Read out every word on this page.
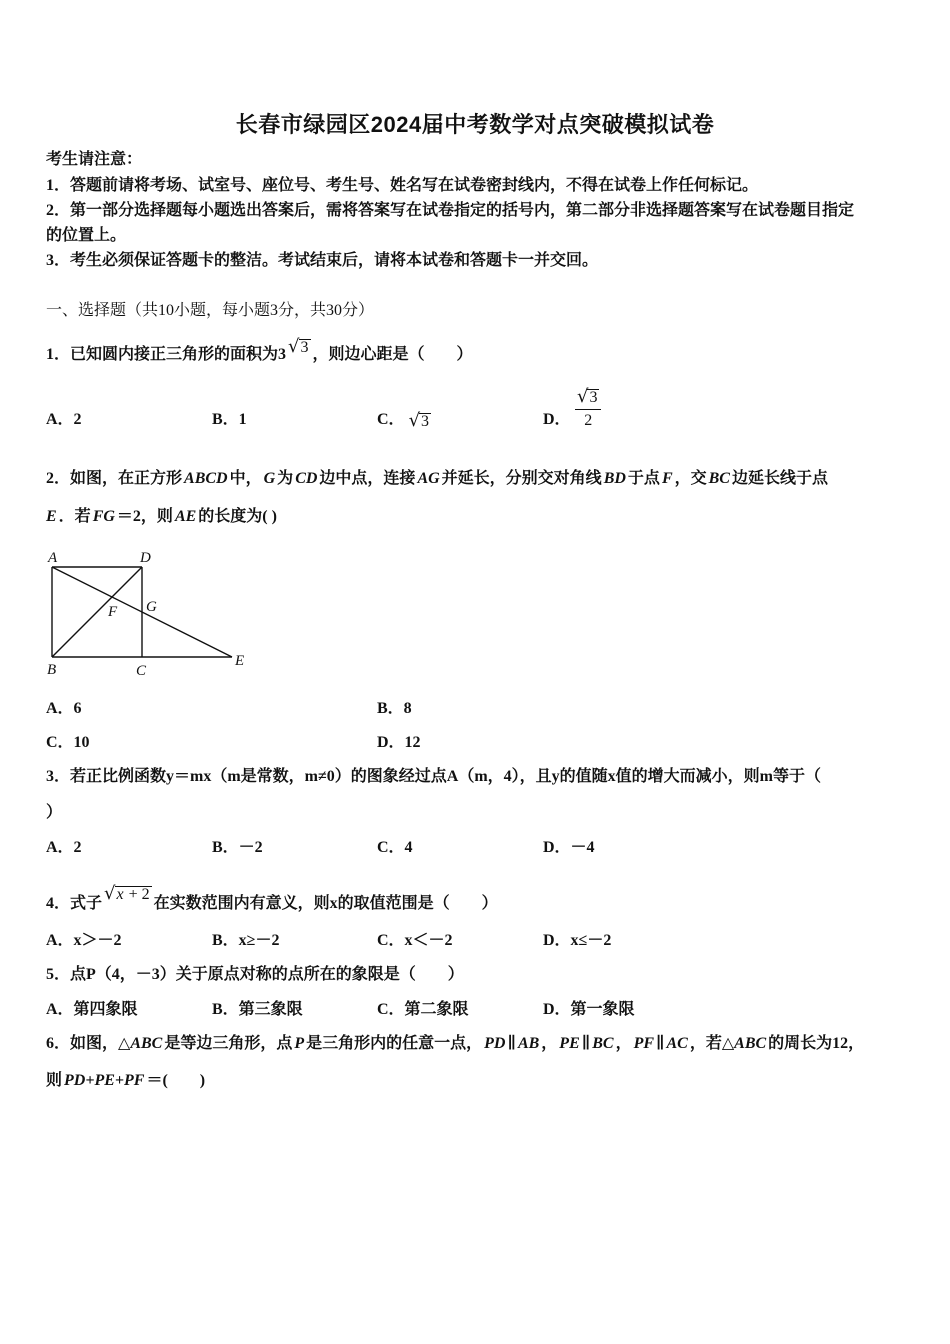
长春市绿园区2024届中考数学对点突破模拟试卷
考生请注意：
1．答题前请将考场、试室号、座位号、考生号、姓名写在试卷密封线内，不得在试卷上作任何标记。
2．第一部分选择题每小题选出答案后，需将答案写在试卷指定的括号内，第二部分非选择题答案写在试卷题目指定
的位置上。
3．考生必须保证答题卡的整洁。考试结束后，请将本试卷和答题卡一并交回。
一、选择题（共10小题，每小题3分，共30分）
1．已知圆内接正三角形的面积为3 √3 ，则边心距是（　　）
A．2	B．1	C． √3	D． $\frac{√3}{2}$
2．如图，在正方形 ABCD 中， G 为 CD 边中点，连接 AG 并延长，分别交对角线 BD 于点 F ，交 BC 边延长线于点
E ．若 FG ＝2，则 AE 的长度为( )
A	D
B	C
E
F G
A．6	B．8
C．10	D．12
3．若正比例函数y＝mx（m是常数，m≠0）的图象经过点A（m，4），且y的值随x值的增大而减小，则m等于（
）
A．2	B．－2	C．4	D．－4
4．式子 √x + 2在实数范围内有意义，则x的取值范围是（　　）
A．x＞－2	B．x≥－2	C．x＜－2	D．x≤－2
5．点P（4，－3）关于原点对称的点所在的象限是（　　）
A．第四象限	B．第三象限	C．第二象限	D．第一象限
6．如图，△ABC 是等边三角形，点 P 是三角形内的任意一点， PD ∥ AB ， PE ∥ BC ， PF ∥ AC ，若△ABC 的周长为12，
则 PD+PE+PF ＝(　　)
